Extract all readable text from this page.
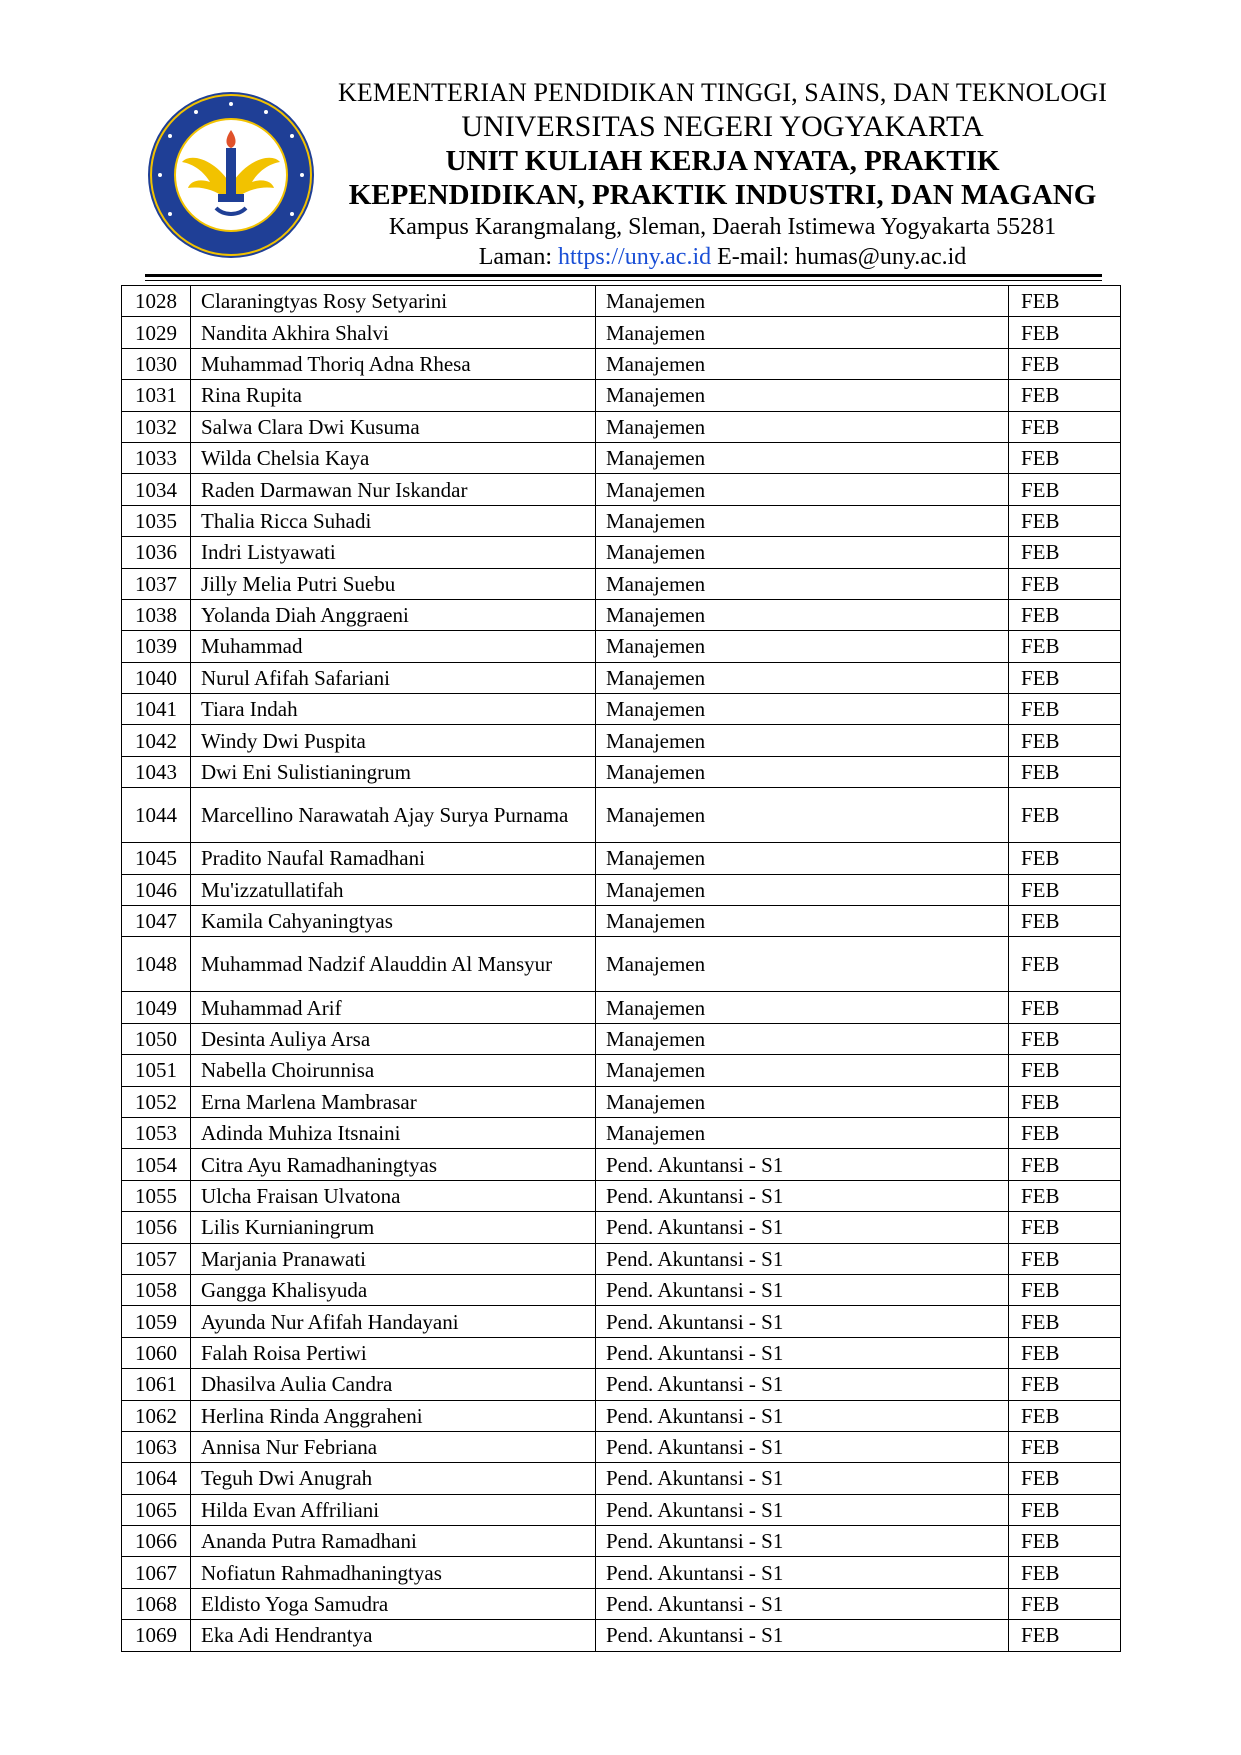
KEMENTERIAN PENDIDIKAN TINGGI, SAINS, DAN TEKNOLOGI
UNIVERSITAS NEGERI YOGYAKARTA
UNIT KULIAH KERJA NYATA, PRAKTIK
KEPENDIDIKAN, PRAKTIK INDUSTRI, DAN MAGANG
Kampus Karangmalang, Sleman, Daerah Istimewa Yogyakarta 55281
Laman: https://uny.ac.id E-mail: humas@uny.ac.id
1028	Claraningtyas Rosy Setyarini	Manajemen	FEB
1029	Nandita Akhira Shalvi	Manajemen	FEB
1030	Muhammad Thoriq Adna Rhesa	Manajemen	FEB
1031	Rina Rupita	Manajemen	FEB
1032	Salwa Clara Dwi Kusuma	Manajemen	FEB
1033	Wilda Chelsia Kaya	Manajemen	FEB
1034	Raden Darmawan Nur Iskandar	Manajemen	FEB
1035	Thalia Ricca Suhadi	Manajemen	FEB
1036	Indri Listyawati	Manajemen	FEB
1037	Jilly Melia Putri Suebu	Manajemen	FEB
1038	Yolanda Diah Anggraeni	Manajemen	FEB
1039	Muhammad	Manajemen	FEB
1040	Nurul Afifah Safariani	Manajemen	FEB
1041	Tiara Indah	Manajemen	FEB
1042	Windy Dwi Puspita	Manajemen	FEB
1043	Dwi Eni Sulistianingrum	Manajemen	FEB
1044	Marcellino Narawatah Ajay Surya Purnama	Manajemen	FEB
1045	Pradito Naufal Ramadhani	Manajemen	FEB
1046	Mu'izzatullatifah	Manajemen	FEB
1047	Kamila Cahyaningtyas	Manajemen	FEB
1048	Muhammad Nadzif Alauddin Al Mansyur	Manajemen	FEB
1049	Muhammad Arif	Manajemen	FEB
1050	Desinta Auliya Arsa	Manajemen	FEB
1051	Nabella Choirunnisa	Manajemen	FEB
1052	Erna Marlena Mambrasar	Manajemen	FEB
1053	Adinda Muhiza Itsnaini	Manajemen	FEB
1054	Citra Ayu Ramadhaningtyas	Pend. Akuntansi - S1	FEB
1055	Ulcha Fraisan Ulvatona	Pend. Akuntansi - S1	FEB
1056	Lilis Kurnianingrum	Pend. Akuntansi - S1	FEB
1057	Marjania Pranawati	Pend. Akuntansi - S1	FEB
1058	Gangga Khalisyuda	Pend. Akuntansi - S1	FEB
1059	Ayunda Nur Afifah Handayani	Pend. Akuntansi - S1	FEB
1060	Falah Roisa Pertiwi	Pend. Akuntansi - S1	FEB
1061	Dhasilva Aulia Candra	Pend. Akuntansi - S1	FEB
1062	Herlina Rinda Anggraheni	Pend. Akuntansi - S1	FEB
1063	Annisa Nur Febriana	Pend. Akuntansi - S1	FEB
1064	Teguh Dwi Anugrah	Pend. Akuntansi - S1	FEB
1065	Hilda Evan Affriliani	Pend. Akuntansi - S1	FEB
1066	Ananda Putra Ramadhani	Pend. Akuntansi - S1	FEB
1067	Nofiatun Rahmadhaningtyas	Pend. Akuntansi - S1	FEB
1068	Eldisto Yoga Samudra	Pend. Akuntansi - S1	FEB
1069	Eka Adi Hendrantya	Pend. Akuntansi - S1	FEB
